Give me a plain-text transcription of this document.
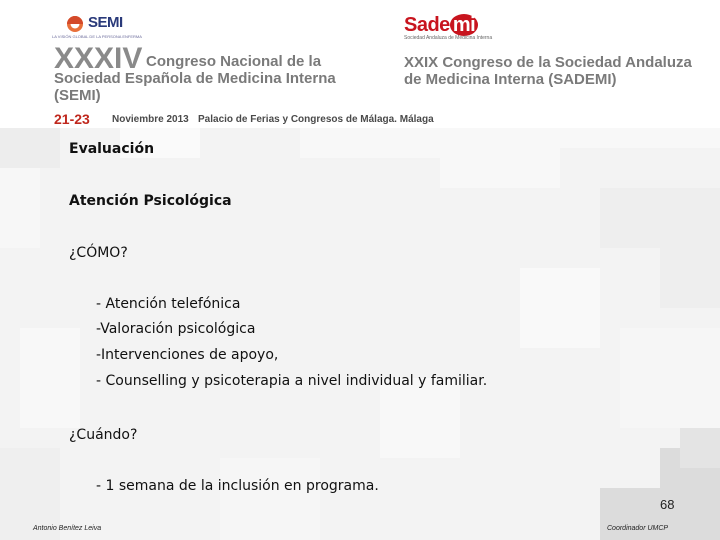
SEMI
LA VISIÓN GLOBAL DE LA PERSONA ENFERMA
Sade mi
Sociedad Andaluza de Medicina Interna
XXXIV Congreso Nacional de la
Sociedad Española de Medicina Interna
(SEMI)
XXIX Congreso de la Sociedad Andaluza
de Medicina Interna (SADEMI)
21-23 Noviembre 2013 Palacio de Ferias y Congresos de Málaga. Málaga
Evaluación
Atención Psicológica
¿CÓMO?
- Atención telefónica
-Valoración psicológica
-Intervenciones de apoyo,
- Counselling y psicoterapia a nivel individual y familiar.
¿Cuándo?
- 1 semana de la inclusión en programa.
68
Antonio Benítez Leiva	Coordinador UMCP
